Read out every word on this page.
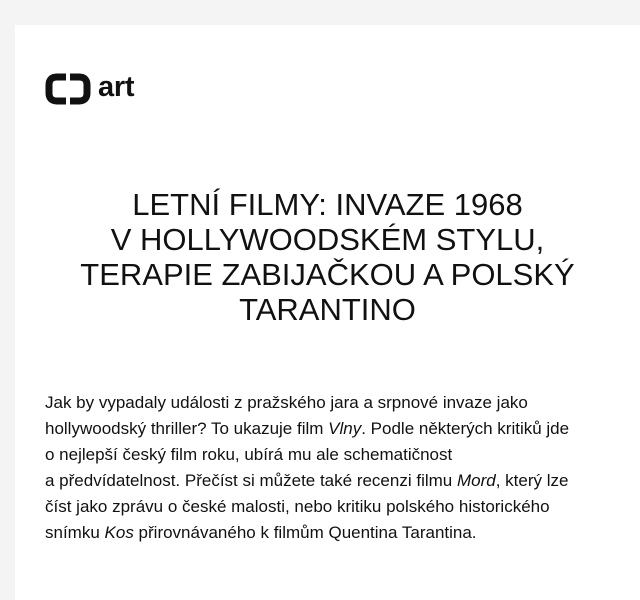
art
LETNÍ FILMY: INVAZE 1968
V HOLLYWOODSKÉM STYLU,
TERAPIE ZABIJAČKOU A POLSKÝ
TARANTINO

Jak by vypadaly události z pražského jara a srpnové invaze jako
hollywoodský thriller? To ukazuje film Vlny. Podle některých kritiků jde
o nejlepší český film roku, ubírá mu ale schematičnost
a předvídatelnost. Přečíst si můžete také recenzi filmu Mord, který lze
číst jako zprávu o české malosti, nebo kritiku polského historického
snímku Kos přirovnávaného k filmům Quentina Tarantina.
